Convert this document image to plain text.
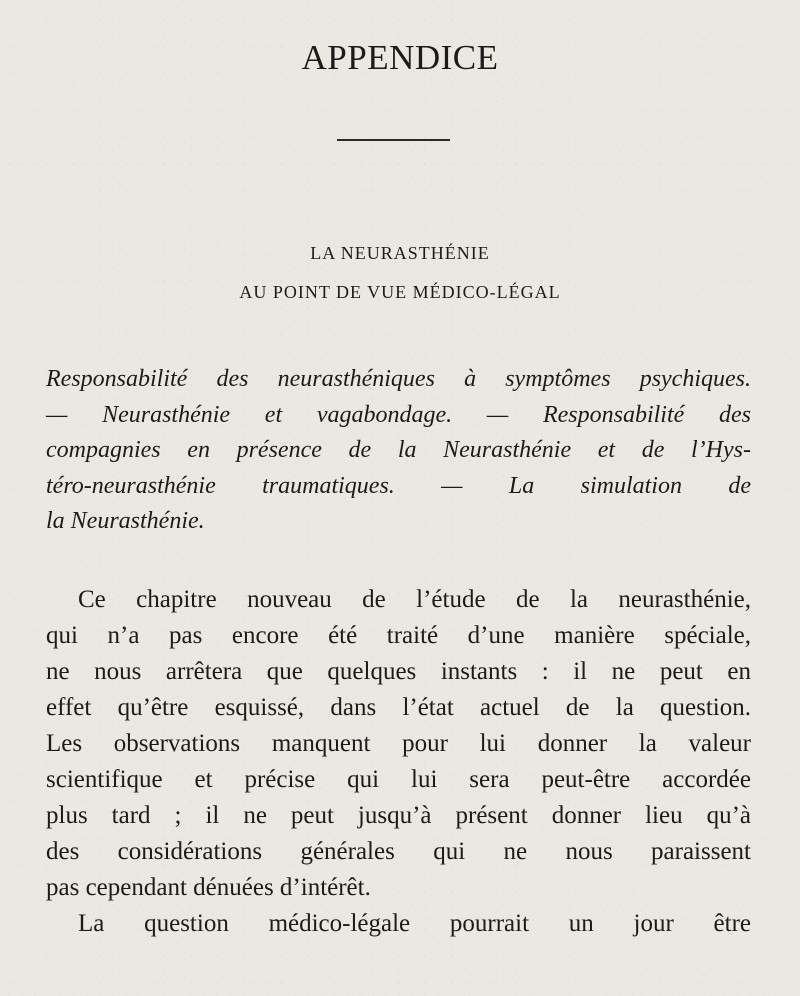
APPENDICE
LA NEURASTHÉNIE
AU POINT DE VUE MÉDICO-LÉGAL
Responsabilité des neurasthéniques à symptômes psychiques.
— Neurasthénie et vagabondage. — Responsabilité des
compagnies en présence de la Neurasthénie et de l’Hys-
téro-neurasthénie traumatiques. — La simulation de
la Neurasthénie.
Ce chapitre nouveau de l’étude de la neurasthénie,
qui n’a pas encore été traité d’une manière spéciale,
ne nous arrêtera que quelques instants : il ne peut en
effet qu’être esquissé, dans l’état actuel de la question.
Les observations manquent pour lui donner la valeur
scientifique et précise qui lui sera peut-être accordée
plus tard ; il ne peut jusqu’à présent donner lieu qu’à
des considérations générales qui ne nous paraissent
pas cependant dénuées d’intérêt.
La question médico-légale pourrait un jour être
